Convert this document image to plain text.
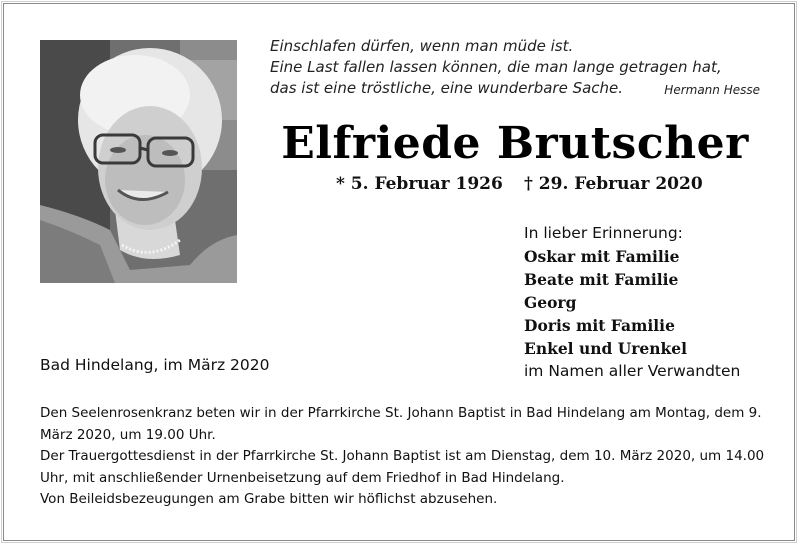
Einschlafen dürfen, wenn man müde ist.
Eine Last fallen lassen können, die man lange getragen hat,
das ist eine tröstliche, eine wunderbare Sache.	Hermann Hesse
Elfriede Brutscher
* 5. Februar 1926 † 29. Februar 2020
In lieber Erinnerung:
Oskar mit Familie
Beate mit Familie
Georg
Doris mit Familie
Enkel und Urenkel
im Namen aller Verwandten
Bad Hindelang, im März 2020

Den Seelenrosenkranz beten wir in der Pfarrkirche St. Johann Baptist in Bad Hindelang am Montag, dem 9. März 2020, um 19.00 Uhr.

Der Trauergottesdienst in der Pfarrkirche St. Johann Baptist ist am Dienstag, dem 10. März 2020, um 14.00 Uhr, mit anschließender Urnenbeisetzung auf dem Friedhof in Bad Hindelang.

Von Beileidsbezeugungen am Grabe bitten wir höflichst abzusehen.
